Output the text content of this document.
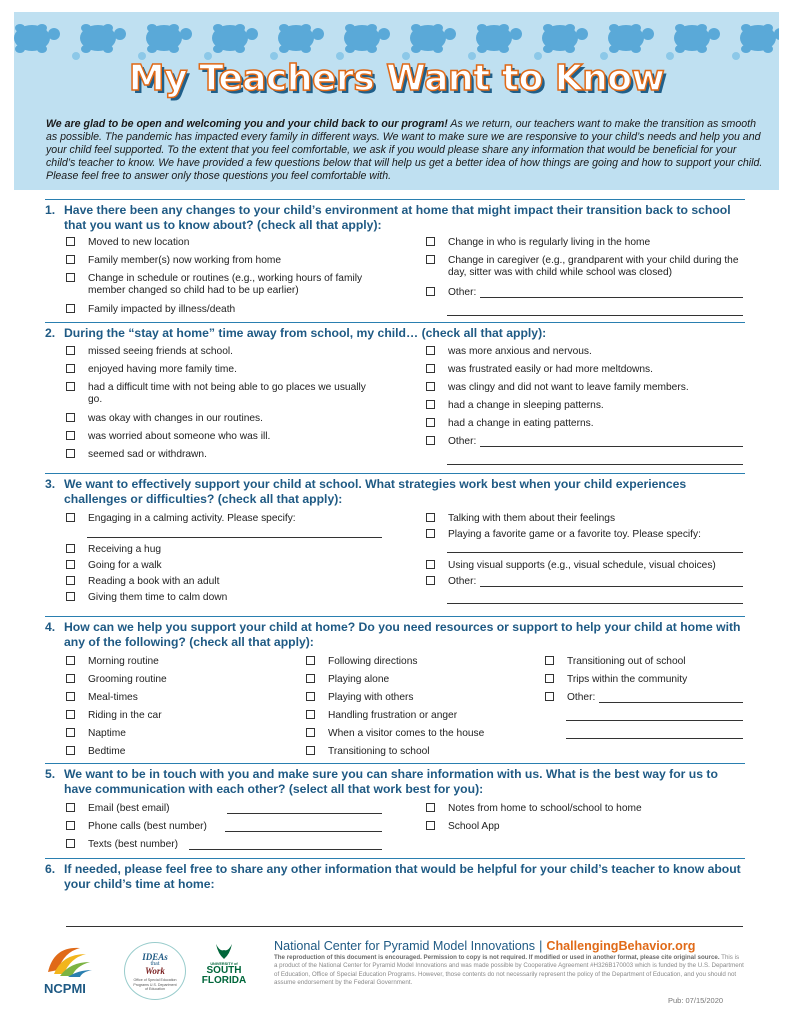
My Teachers Want to Know
We are glad to be open and welcoming you and your child back to our program! As we return, our teachers want to make the transition as smooth as possible. The pandemic has impacted every family in different ways. We want to make sure we are responsive to your child’s needs and help you and your child feel supported. To the extent that you feel comfortable, we ask if you would please share any information that would be beneficial for your child’s teacher to know. We have provided a few questions below that will help us get a better idea of how things are going and how to support your child. Please feel free to answer only those questions you feel comfortable with.
1. Have there been any changes to your child’s environment at home that might impact their transition back to school that you want us to know about? (check all that apply):
Moved to new location
Family member(s) now working from home
Change in schedule or routines (e.g., working hours of family member changed so child had to be up earlier)
Family impacted by illness/death
Change in who is regularly living in the home
Change in caregiver (e.g., grandparent with your child during the day, sitter was with child while school was closed)
Other:
2. During the “stay at home” time away from school, my child… (check all that apply):
missed seeing friends at school.
enjoyed having more family time.
had a difficult time with not being able to go places we usually go.
was okay with changes in our routines.
was worried about someone who was ill.
seemed sad or withdrawn.
was more anxious and nervous.
was frustrated easily or had more meltdowns.
was clingy and did not want to leave family members.
had a change in sleeping patterns.
had a change in eating patterns.
Other:
3. We want to effectively support your child at school. What strategies work best when your child experiences challenges or difficulties? (check all that apply):
Engaging in a calming activity. Please specify:
Receiving a hug
Going for a walk
Reading a book with an adult
Giving them time to calm down
Talking with them about their feelings
Playing a favorite game or a favorite toy. Please specify:
Using visual supports (e.g., visual schedule, visual choices)
Other:
4. How can we help you support your child at home? Do you need resources or support to help your child at home with any of the following? (check all that apply):
Morning routine
Grooming routine
Meal-times
Riding in the car
Naptime
Bedtime
Following directions
Playing alone
Playing with others
Handling frustration or anger
When a visitor comes to the house
Transitioning to school
Transitioning out of school
Trips within the community
Other:
5. We want to be in touch with you and make sure you can share information with us. What is the best way for us to have communication with each other? (select all that work best for you):
Email (best email)
Phone calls (best number)
Texts (best number)
Notes from home to school/school to home
School App
6. If needed, please feel free to share any other information that would be helpful for your child’s teacher to know about your child’s time at home:
NCPMI
IDEAs
that
Work
Office of Special Education Programs U.S. Department of Education
UNIVERSITY of
SOUTH
FLORIDA
National Center for Pyramid Model Innovations | ChallengingBehavior.org
The reproduction of this document is encouraged. Permission to copy is not required. If modified or used in another format, please cite original source. This is a product of the National Center for Pyramid Model Innovations and was made possible by Cooperative Agreement #H326B170003 which is funded by the U.S. Department of Education, Office of Special Education Programs. However, those contents do not necessarily represent the policy of the Department of Education, and you should not assume endorsement by the Federal Government.
Pub: 07/15/2020
